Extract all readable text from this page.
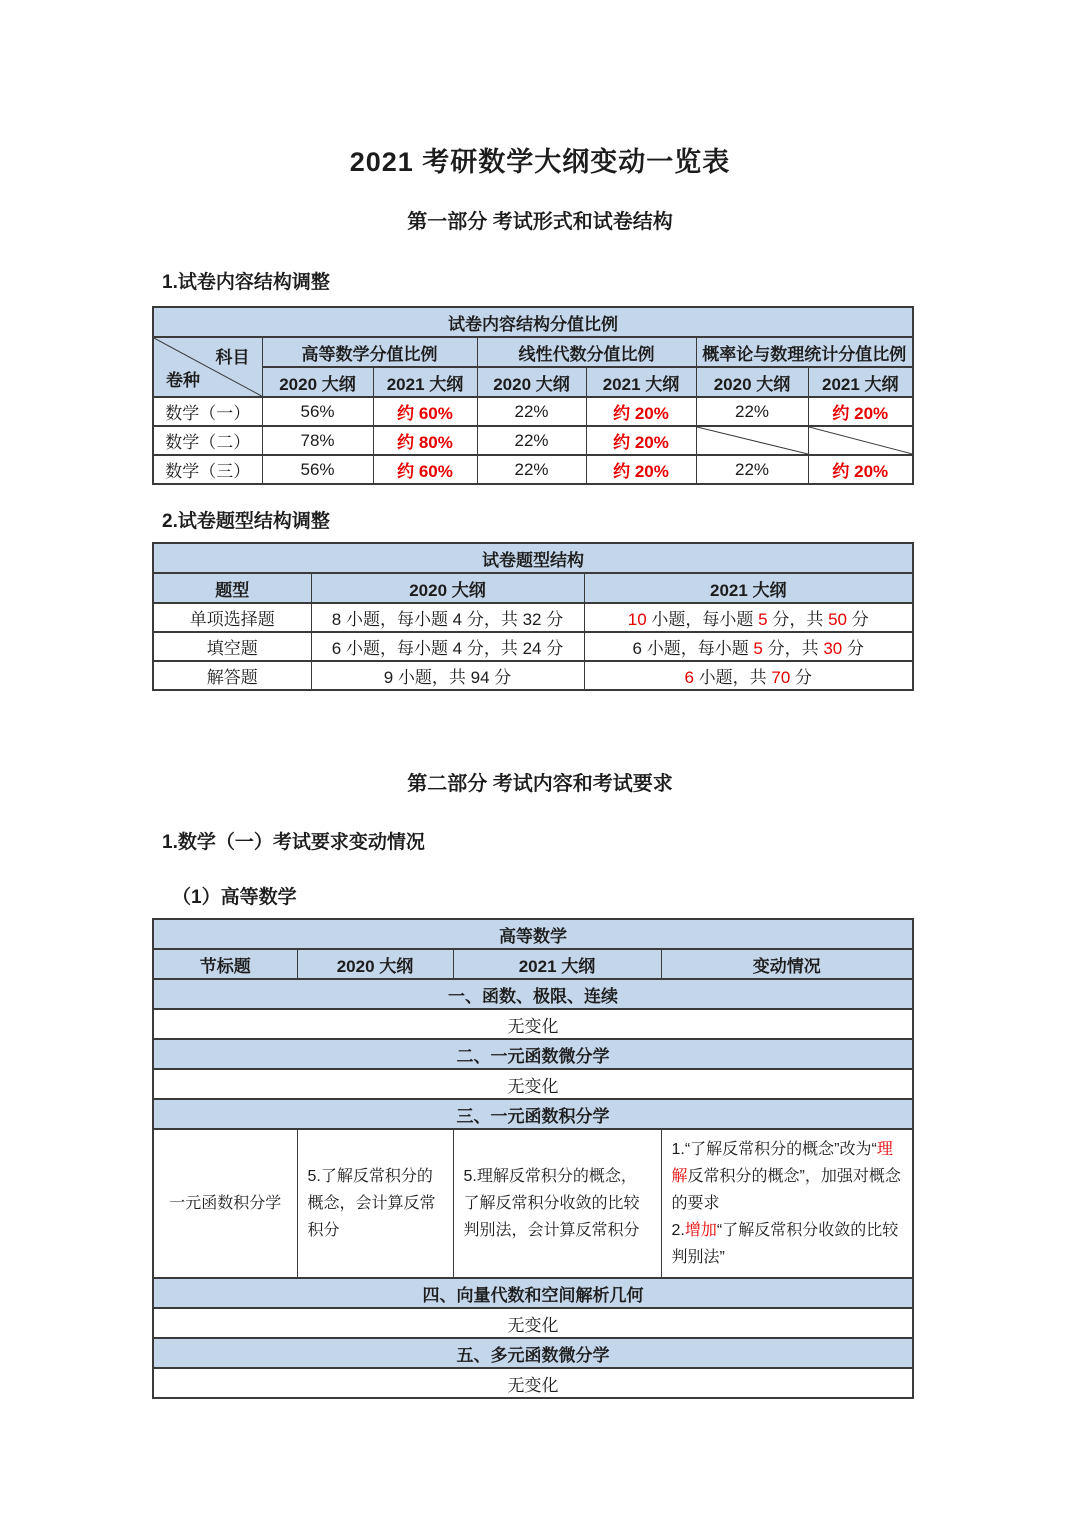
2021 考研数学大纲变动一览表
第一部分 考试形式和试卷结构
1.试卷内容结构调整
试卷内容结构分值比例						

科目
卷种	高等数学分值比例		线性代数分值比例		概率论与数理统计分值比例	
	2020 大纲	2021 大纲	2020 大纲	2021 大纲	2020 大纲	2021 大纲
数学（一）	56%	约 60%	22%	约 20%	22%	约 20%
数学（二）	78%	约 80%	22%	约 20%	

数学（三）	56%	约 60%	22%	约 20%	22%	约 20%
2.试卷题型结构调整
试卷题型结构		
题型	2020 大纲	2021 大纲
单项选择题	8 小题，每小题 4 分，共 32 分	10 小题，每小题 5 分，共 50 分
填空题	6 小题，每小题 4 分，共 24 分	6 小题，每小题 5 分，共 30 分
解答题	9 小题，共 94 分	6 小题，共 70 分
第二部分 考试内容和考试要求
1.数学（一）考试要求变动情况
（1）高等数学
高等数学			
节标题	2020 大纲	2021 大纲	变动情况
一、函数、极限、连续			
无变化			
二、一元函数微分学			
无变化			
三、一元函数积分学			

一元函数积分学	5.了解反常积分的概念，会计算反常积分	5.理解反常积分的概念，了解反常积分收敛的比较判别法，会计算反常积分	1.“了解反常积分的概念”改为“理解反常积分的概念”，加强对概念的要求
2.增加“了解反常积分收敛的比较判别法”

四、向量代数和空间解析几何			
无变化			
五、多元函数微分学			
无变化			
